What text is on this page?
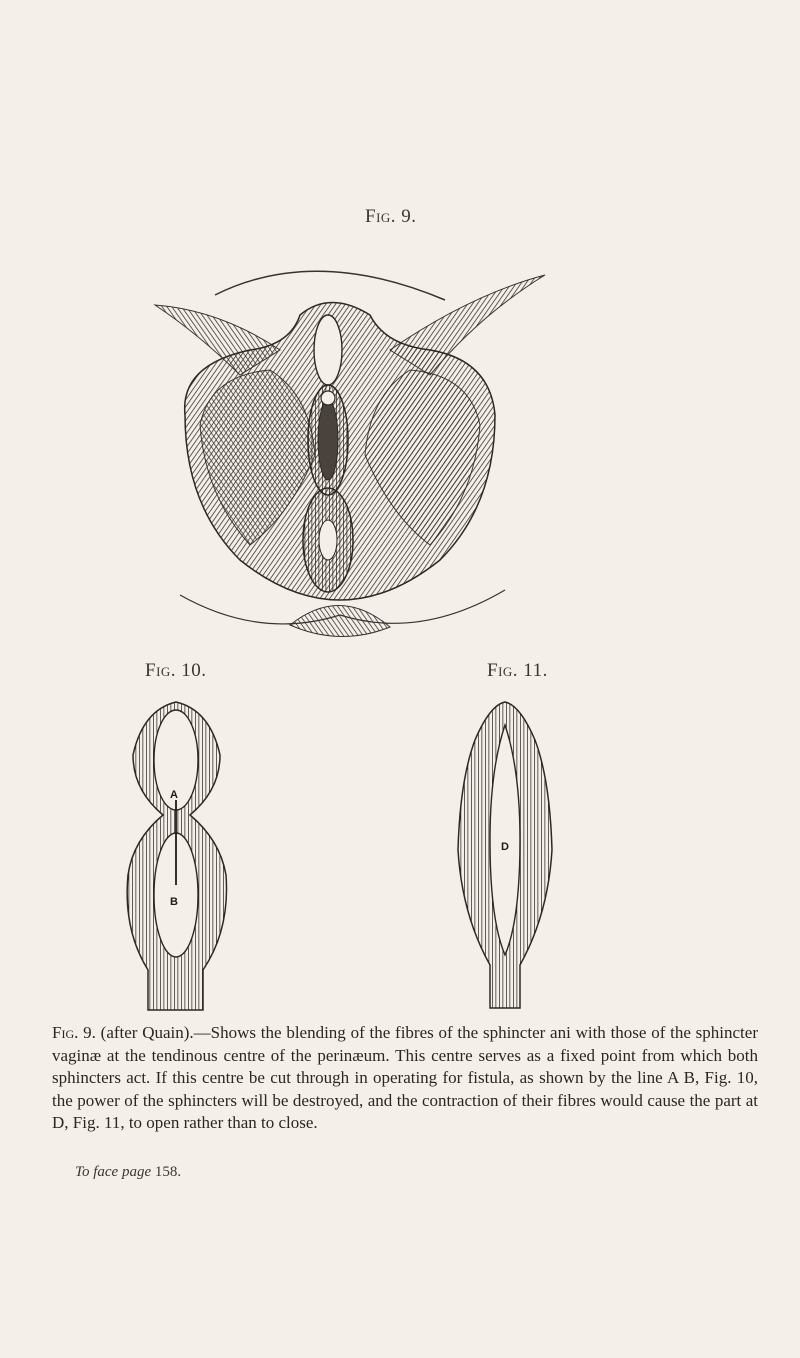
Fig. 9.
Fig. 10.	Fig. 11.
A
B
D
Fig. 9. (after Quain).—Shows the blending of the fibres of the sphincter ani with those of the sphincter vaginæ at the tendinous centre of the perinæum. This centre serves as a fixed point from which both sphincters act. If this centre be cut through in operating for fistula, as shown by the line A B, Fig. 10, the power of the sphincters will be destroyed, and the contraction of their fibres would cause the part at D, Fig. 11, to open rather than to close.
To face page 158.
